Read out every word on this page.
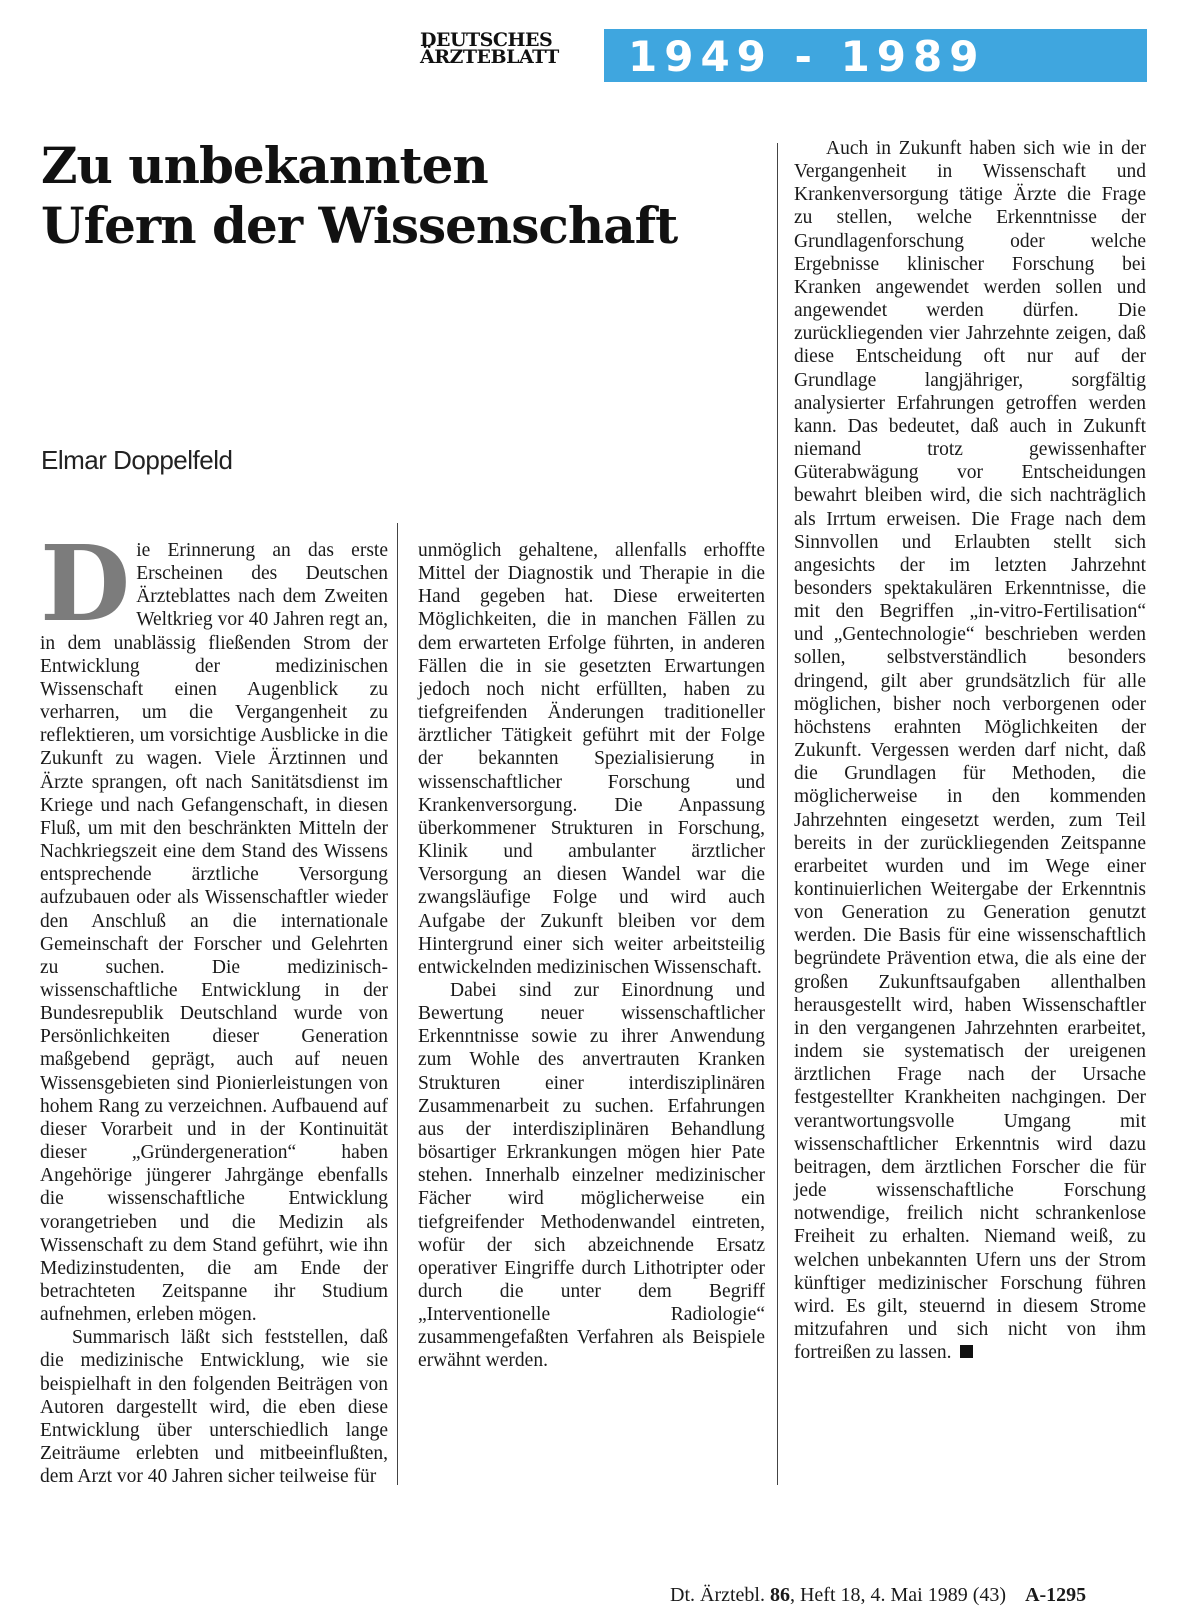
DEUTSCHES
ÄRZTEBLATT 1949 - 1989
Zu unbekannten
Ufern der Wissenschaft
Elmar Doppelfeld

Die Erinnerung an das erste Erscheinen des Deutschen Ärzteblattes nach dem Zweiten Weltkrieg vor 40 Jahren regt an, in dem unablässig fließenden Strom der Entwicklung der medizinischen Wissenschaft einen Augenblick zu verharren, um die Vergangenheit zu reflektieren, um vorsichtige Ausblicke in die Zukunft zu wagen. Viele Ärztinnen und Ärzte sprangen, oft nach Sanitätsdienst im Kriege und nach Gefangenschaft, in diesen Fluß, um mit den beschränkten Mitteln der Nachkriegszeit eine dem Stand des Wissens entsprechende ärztliche Versorgung aufzubauen oder als Wissenschaftler wieder den Anschluß an die internationale Gemeinschaft der Forscher und Gelehrten zu suchen. Die medizinisch-wissenschaftliche Entwicklung in der Bundesrepublik Deutschland wurde von Persönlichkeiten dieser Generation maßgebend geprägt, auch auf neuen Wissensgebieten sind Pionierleistungen von hohem Rang zu verzeichnen. Aufbauend auf dieser Vorarbeit und in der Kontinuität dieser „Gründergeneration“ haben Angehörige jüngerer Jahrgänge ebenfalls die wissenschaftliche Entwicklung vorangetrieben und die Medizin als Wissenschaft zu dem Stand geführt, wie ihn Medizinstudenten, die am Ende der betrachteten Zeitspanne ihr Studium aufnehmen, erleben mögen.

Summarisch läßt sich feststellen, daß die medizinische Entwicklung, wie sie beispielhaft in den folgenden Beiträgen von Autoren dargestellt wird, die eben diese Entwicklung über unterschiedlich lange Zeiträume erlebten und mitbeeinflußten, dem Arzt vor 40 Jahren sicher teilweise für

unmöglich gehaltene, allenfalls erhoffte Mittel der Diagnostik und Therapie in die Hand gegeben hat. Diese erweiterten Möglichkeiten, die in manchen Fällen zu dem erwarteten Erfolge führten, in anderen Fällen die in sie gesetzten Erwartungen jedoch noch nicht erfüllten, haben zu tiefgreifenden Änderungen traditioneller ärztlicher Tätigkeit geführt mit der Folge der bekannten Spezialisierung in wissenschaftlicher Forschung und Krankenversorgung. Die Anpassung überkommener Strukturen in Forschung, Klinik und ambulanter ärztlicher Versorgung an diesen Wandel war die zwangsläufige Folge und wird auch Aufgabe der Zukunft bleiben vor dem Hintergrund einer sich weiter arbeitsteilig entwickelnden medizinischen Wissenschaft.

Dabei sind zur Einordnung und Bewertung neuer wissenschaftlicher Erkenntnisse sowie zu ihrer Anwendung zum Wohle des anvertrauten Kranken Strukturen einer interdisziplinären Zusammenarbeit zu suchen. Erfahrungen aus der interdisziplinären Behandlung bösartiger Erkrankungen mögen hier Pate stehen. Innerhalb einzelner medizinischer Fächer wird möglicherweise ein tiefgreifender Methodenwandel eintreten, wofür der sich abzeichnende Ersatz operativer Eingriffe durch Lithotripter oder durch die unter dem Begriff „Interventionelle Radiologie“ zusammengefaßten Verfahren als Beispiele erwähnt werden.

Auch in Zukunft haben sich wie in der Vergangenheit in Wissenschaft und Krankenversorgung tätige Ärzte die Frage zu stellen, welche Erkenntnisse der Grundlagenforschung oder welche Ergebnisse klinischer Forschung bei Kranken angewendet werden sollen und angewendet werden dürfen. Die zurückliegenden vier Jahrzehnte zeigen, daß diese Entscheidung oft nur auf der Grundlage langjähriger, sorgfältig analysierter Erfahrungen getroffen werden kann. Das bedeutet, daß auch in Zukunft niemand trotz gewissenhafter Güterabwägung vor Entscheidungen bewahrt bleiben wird, die sich nachträglich als Irrtum erweisen. Die Frage nach dem Sinnvollen und Erlaubten stellt sich angesichts der im letzten Jahrzehnt besonders spektakulären Erkenntnisse, die mit den Begriffen „in-vitro-Fertilisation“ und „Gentechnologie“ beschrieben werden sollen, selbstverständlich besonders dringend, gilt aber grundsätzlich für alle möglichen, bisher noch verborgenen oder höchstens erahnten Möglichkeiten der Zukunft. Vergessen werden darf nicht, daß die Grundlagen für Methoden, die möglicherweise in den kommenden Jahrzehnten eingesetzt werden, zum Teil bereits in der zurückliegenden Zeitspanne erarbeitet wurden und im Wege einer kontinuierlichen Weitergabe der Erkenntnis von Generation zu Generation genutzt werden. Die Basis für eine wissenschaftlich begründete Prävention etwa, die als eine der großen Zukunftsaufgaben allenthalben herausgestellt wird, haben Wissenschaftler in den vergangenen Jahrzehnten erarbeitet, indem sie systematisch der ureigenen ärztlichen Frage nach der Ursache festgestellter Krankheiten nachgingen. Der verantwortungsvolle Umgang mit wissenschaftlicher Erkenntnis wird dazu beitragen, dem ärztlichen Forscher die für jede wissenschaftliche Forschung notwendige, freilich nicht schrankenlose Freiheit zu erhalten. Niemand weiß, zu welchen unbekannten Ufern uns der Strom künftiger medizinischer Forschung führen wird. Es gilt, steuernd in diesem Strome mitzufahren und sich nicht von ihm fortreißen zu lassen.

Dt. Ärztebl. 86, Heft 18, 4. Mai 1989 (43) A-1295
